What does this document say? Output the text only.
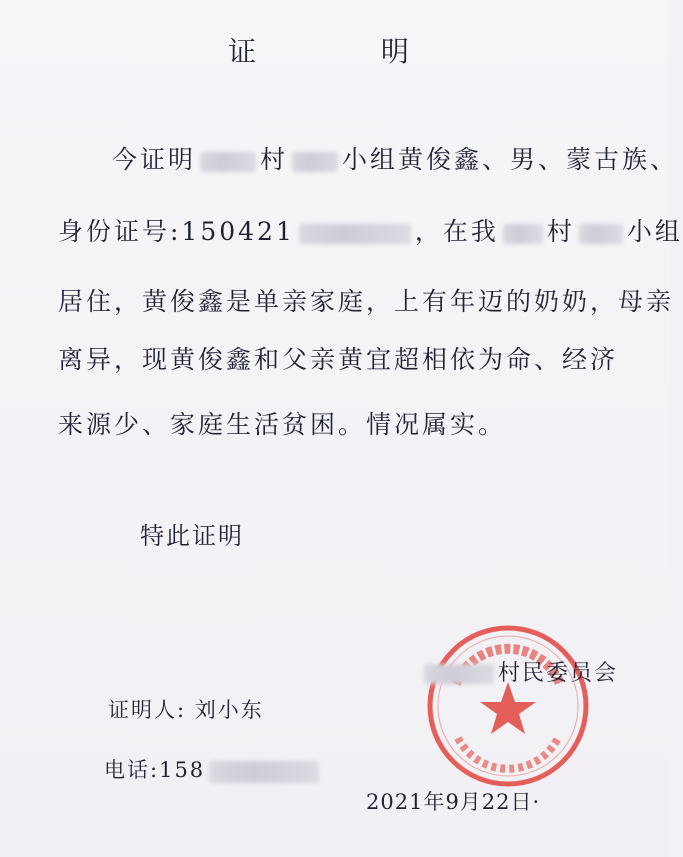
证 明
今证明	村 小组黄俊鑫、男、蒙古族、
身份证号:150421	，在我 村 小组
居住，黄俊鑫是单亲家庭，上有年迈的奶奶，母亲
离异，现黄俊鑫和父亲黄宜超相依为命、经济
来源少、家庭生活贫困。情况属实。
特此证明
村民委员会
证明人: 刘小东
电话:158
2021年9月22日·
